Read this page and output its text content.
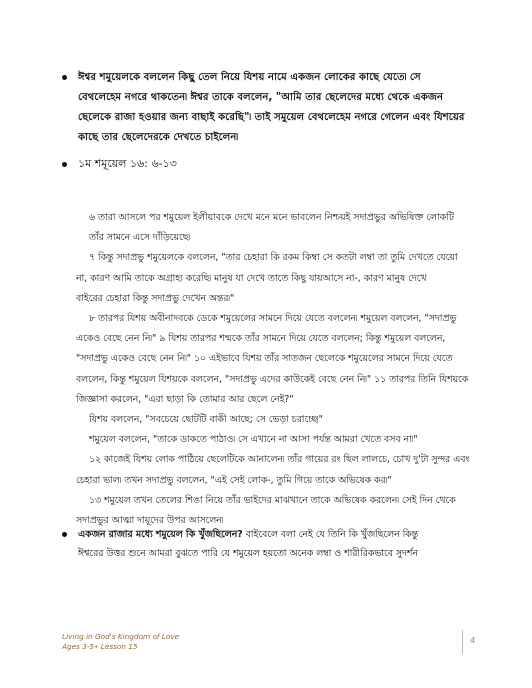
ঈশ্বর শমুয়েলকে বললেন কিছু তেল নিয়ে যিশয় নামে একজন লোকের কাছে যেতে৷ সে
বেথলেহেম নগরে থাকতেন৷ ঈশ্বর তাকে বললেন, "আমি তার ছেলেদের মধ্যে থেকে একজন
ছেলেকে রাজা হওয়ার জন্য বাছাই করেছি"৷ তাই সমুয়েল বেথলেহেম নগরে গেলেন এবং যিশয়ের
কাছে তার ছেলেদেরকে দেখতে চাইলেন৷
১ম শমূয়েল ১৬: ৬-১৩
৬ তারা আসলে পর শমুয়েল ইলীয়াবকে দেখে মনে মনে ভাবলেন নিশ্চয়ই সদাপ্রভুর অভিষিক্ত লোকটি
তাঁর সামনে এসে দাঁড়িয়েছে৷
৭ কিন্তু সদাপ্রভু শমুয়েলকে বললেন, "তার চেহারা কি রকম কিম্বা সে কতটা লম্বা তা তুমি দেখতে যেয়ো
না, কারণ আমি তাকে অগ্রাহ্য করেছি৷ মানুষ যা দেখে তাতে কিছু যায়আসে না-, কারণ মানুষ দেখে
বাইরের চেহারা কিন্তু সদাপ্রভু দেখেন অন্তর৷"
৮ তারপর যিশয় অবীনাদবকে ডেকে শমুয়েলের সামনে দিয়ে যেতে বললেন৷ শমুয়েল বললেন, "সদাপ্রভু
একেও বেছে নেন নি৷" ৯ যিশয় তারপর শম্মকে তাঁর সামনে দিয়ে যেতে বললেন; কিন্তু শমুয়েল বললেন,
"সদাপ্রভু একেও বেছে নেন নি৷" ১০ এইভাবে যিশয় তাঁর সাতজন ছেলেকে শমুয়েলের সামনে দিয়ে যেতে
বললেন, কিন্তু শমুয়েল যিশয়কে বললেন, "সদাপ্রভু এদের কাউকেই বেছে নেন নি৷" ১১ তারপর তিনি যিশয়কে
জিজ্ঞাসা করলেন, "এরা ছাড়া কি তোমার আর ছেলে নেই?"
যিশয় বললেন, "সবচেয়ে ছোটটি বাকী আছে; সে ভেড়া চরাচ্ছে৷"
শমুয়েল বললেন, "তাকে ডাকতে পাঠাও৷ সে এখানে না আসা পর্যন্ত আমরা খেতে বসব না৷"
১২ কাজেই যিশয় লোক পাঠিয়ে ছেলেটিকে আনালেন৷ তাঁর গায়ের রং ছিল লালচে, চোখ দু'টা সুন্দর এবং
চেহারা ভাল৷ তখন সদাপ্রভু বললেন, "এই সেই লোক-, তুমি গিয়ে তাকে অভিষেক কর৷"
১৩ শমুয়েল তখন তেলের শিঙা নিয়ে তাঁর ভাইদের মাঝখানে তাকে অভিষেক করলেন৷ সেই দিন থেকে
সদাপ্রভুর আত্মা দায়ূদের উপর আসলেন৷
একজন রাজার মধ্যে শমুয়েল কি খুঁজছিলেন? বাইবেলে বলা নেই যে তিনি কি খুঁজছিলেন কিন্তু
ঈশ্বরের উত্তর শুনে আমরা বুঝতে পারি যে শমুয়েল হয়তো অনেক লম্বা ও শারীরিকভাবে সুদর্শন
Living in God's Kingdom of Love
Ages 3-5• Lesson 15
4
